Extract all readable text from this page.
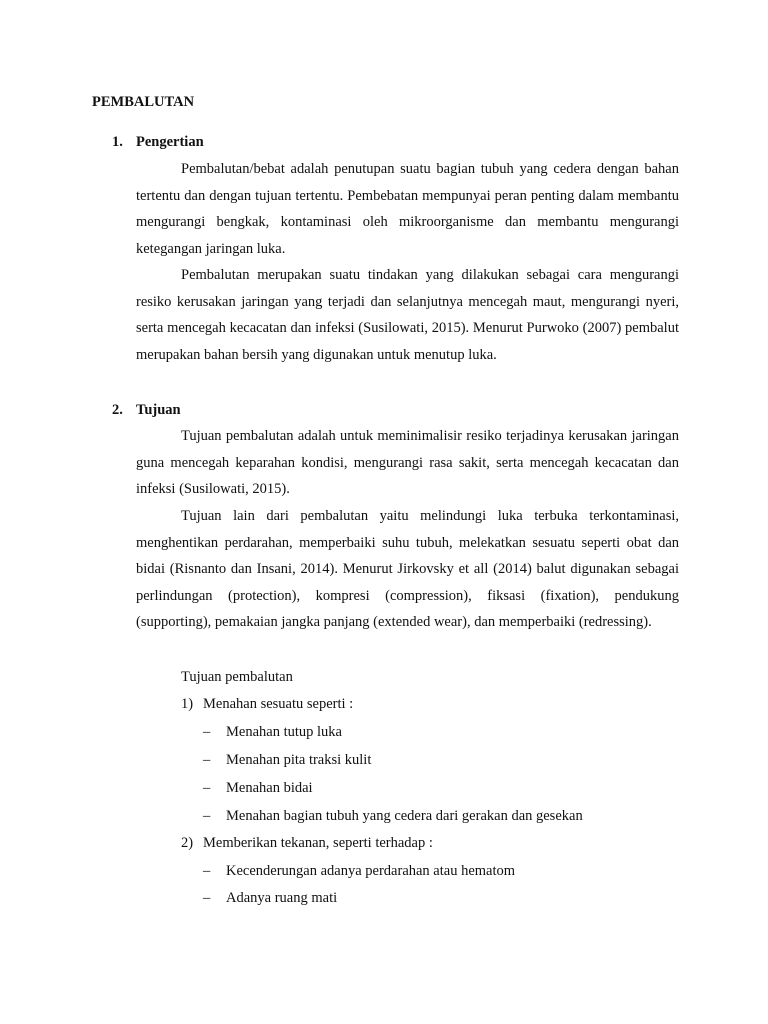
PEMBALUTAN
1. Pengertian

Pembalutan/bebat adalah penutupan suatu bagian tubuh yang cedera dengan bahan tertentu dan dengan tujuan tertentu. Pembebatan mempunyai peran penting dalam membantu mengurangi bengkak, kontaminasi oleh mikroorganisme dan membantu mengurangi ketegangan jaringan luka.

Pembalutan merupakan suatu tindakan yang dilakukan sebagai cara mengurangi resiko kerusakan jaringan yang terjadi dan selanjutnya mencegah maut, mengurangi nyeri, serta mencegah kecacatan dan infeksi (Susilowati, 2015). Menurut Purwoko (2007) pembalut merupakan bahan bersih yang digunakan untuk menutup luka.

2. Tujuan

Tujuan pembalutan adalah untuk meminimalisir resiko terjadinya kerusakan jaringan guna mencegah keparahan kondisi, mengurangi rasa sakit, serta mencegah kecacatan dan infeksi (Susilowati, 2015).

Tujuan lain dari pembalutan yaitu melindungi luka terbuka terkontaminasi, menghentikan perdarahan, memperbaiki suhu tubuh, melekatkan sesuatu seperti obat dan bidai (Risnanto dan Insani, 2014). Menurut Jirkovsky et all (2014) balut digunakan sebagai perlindungan (protection), kompresi (compression), fiksasi (fixation), pendukung (supporting), pemakaian jangka panjang (extended wear), dan memperbaiki (redressing).

Tujuan pembalutan
1) Menahan sesuatu seperti :
– Menahan tutup luka
– Menahan pita traksi kulit
– Menahan bidai
– Menahan bagian tubuh yang cedera dari gerakan dan gesekan
2) Memberikan tekanan, seperti terhadap :
– Kecenderungan adanya perdarahan atau hematom
– Adanya ruang mati
